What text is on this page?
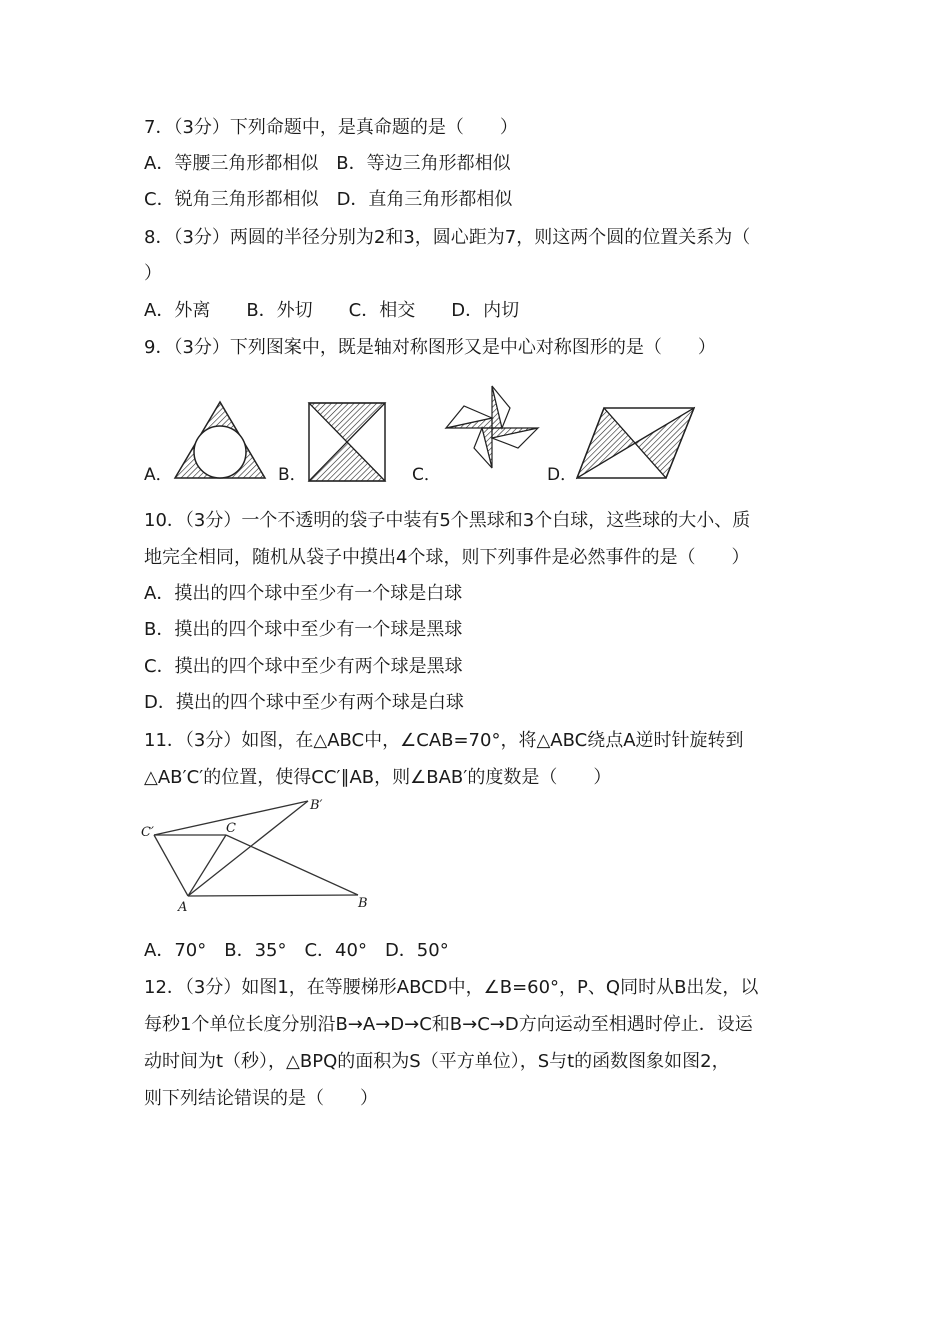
7．（3分）下列命题中，是真命题的是（　　）
A．等腰三角形都相似　B．等边三角形都相似
C．锐角三角形都相似　D．直角三角形都相似
8．（3分）两圆的半径分别为2和3，圆心距为7，则这两个圆的位置关系为（
）
A．外离　　B．外切　　C．相交　　D．内切
9．（3分）下列图案中，既是轴对称图形又是中心对称图形的是（　　）
A．	B．	C．	D．
10．（3分）一个不透明的袋子中装有5个黑球和3个白球，这些球的大小、质
地完全相同，随机从袋子中摸出4个球，则下列事件是必然事件的是（　　）
A．摸出的四个球中至少有一个球是白球
B．摸出的四个球中至少有一个球是黑球
C．摸出的四个球中至少有两个球是黑球
D．摸出的四个球中至少有两个球是白球
11．（3分）如图，在△ABC中，∠CAB=70°，将△ABC绕点A逆时针旋转到
△AB′C′的位置，使得CC′∥AB，则∠BAB′的度数是（　　）
B′
C′	C
A	B
A．70°　B．35°　C．40°　D．50°
12．（3分）如图1，在等腰梯形ABCD中，∠B=60°，P、Q同时从B出发，以
每秒1个单位长度分别沿B→A→D→C和B→C→D方向运动至相遇时停止．设运
动时间为t（秒），△BPQ的面积为S（平方单位），S与t的函数图象如图2，
则下列结论错误的是（　　）
